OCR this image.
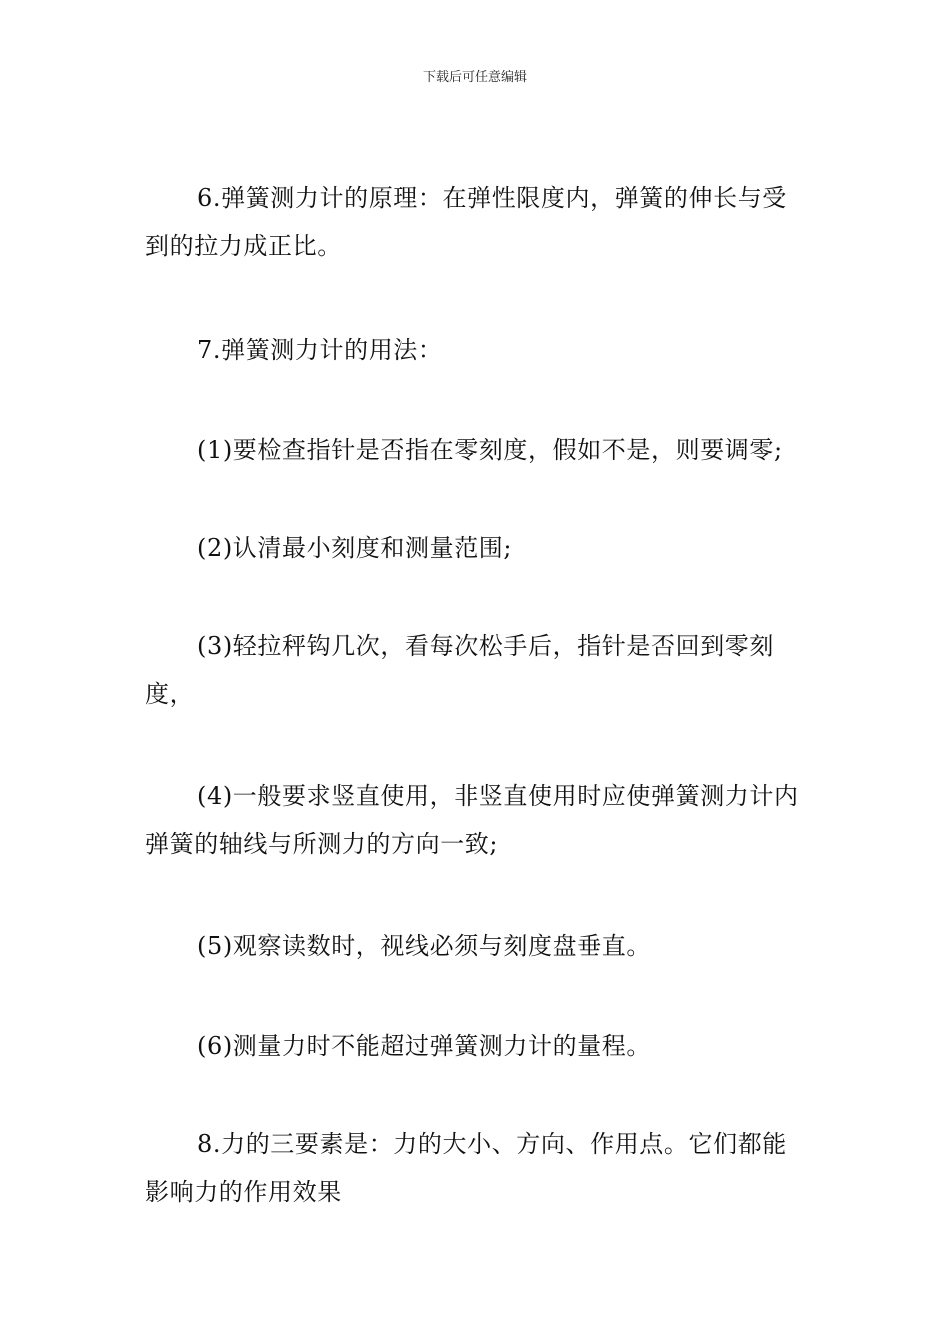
下载后可任意编辑

6.弹簧测力计的原理：在弹性限度内，弹簧的伸长与受到的拉力成正比。

7.弹簧测力计的用法：

(1)要检查指针是否指在零刻度，假如不是，则要调零;

(2)认清最小刻度和测量范围;

(3)轻拉秤钩几次，看每次松手后，指针是否回到零刻度，

(4)一般要求竖直使用，非竖直使用时应使弹簧测力计内弹簧的轴线与所测力的方向一致;

(5)观察读数时，视线必须与刻度盘垂直。

(6)测量力时不能超过弹簧测力计的量程。

8.力的三要素是：力的大小、方向、作用点。它们都能影响力的作用效果
